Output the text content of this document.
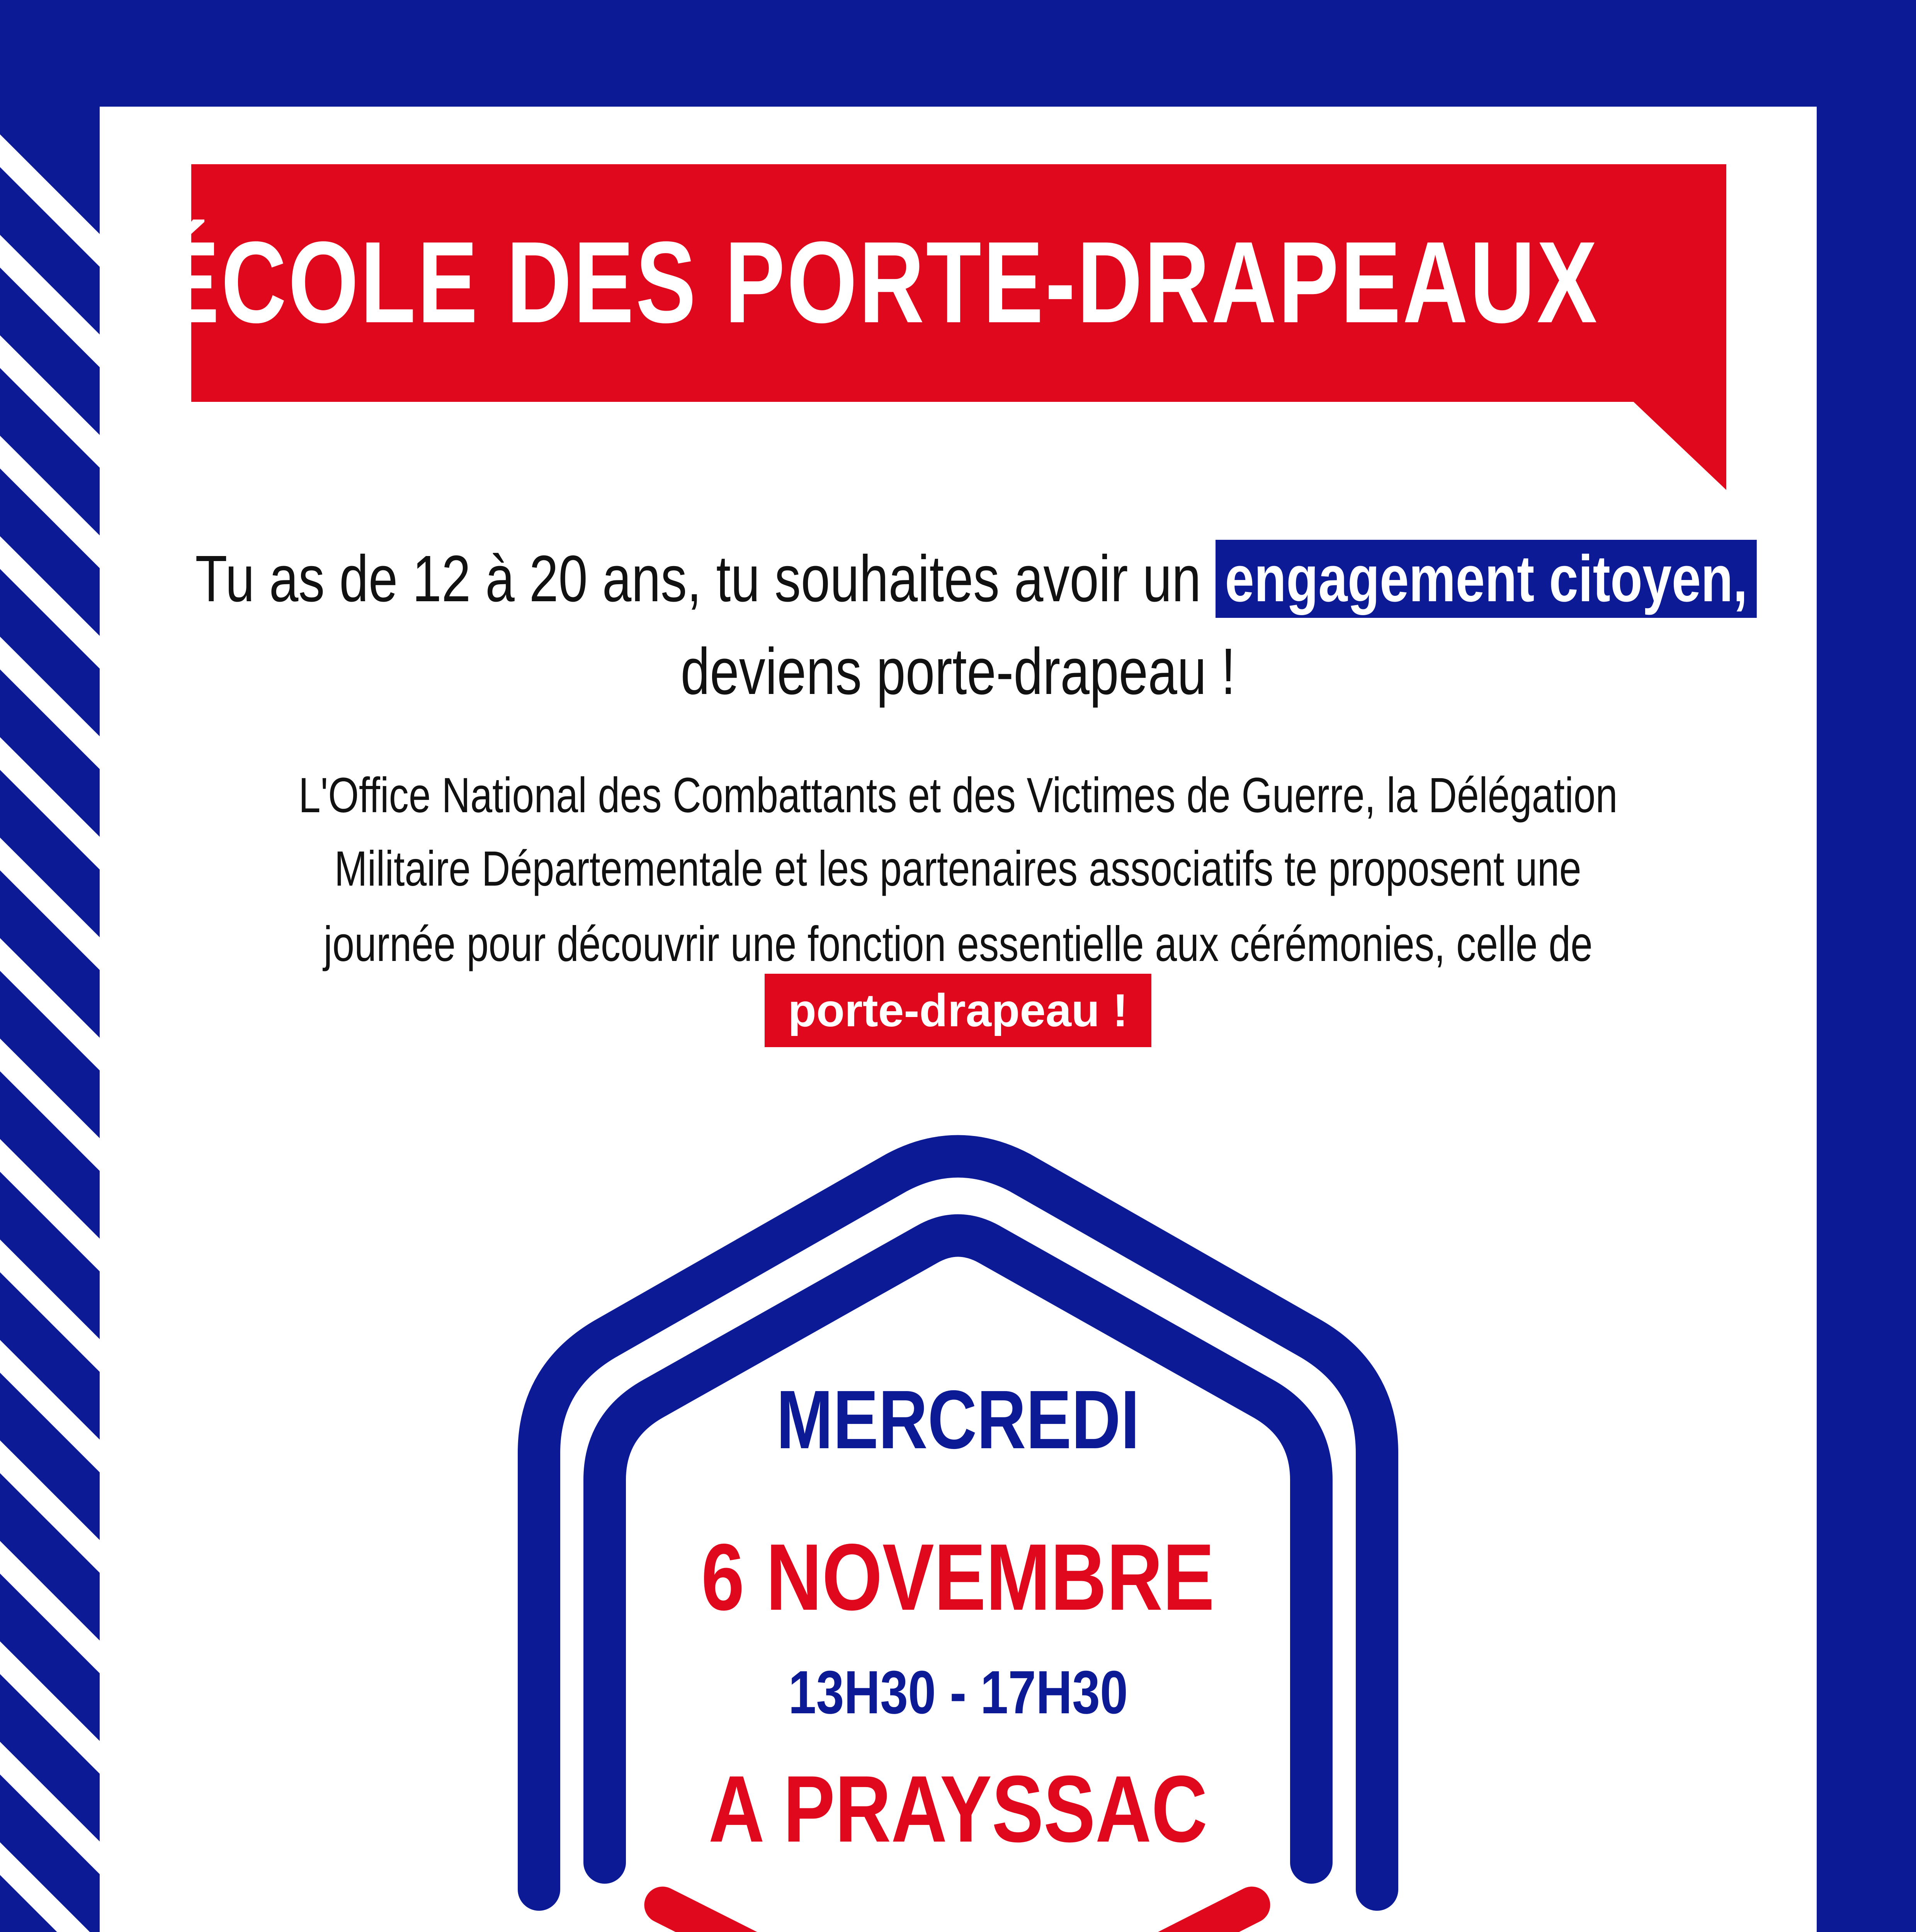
ÉCOLE DES PORTE-DRAPEAUX
Tu as de 12 à 20 ans, tu souhaites avoir un engagement citoyen,
deviens porte-drapeau !
L'Office National des Combattants et des Victimes de Guerre, la Délégation
Militaire Départementale et les partenaires associatifs te proposent une
journée pour découvrir une fonction essentielle aux cérémonies, celle de
porte-drapeau !
MERCREDI
6 NOVEMBRE
13H30 - 17H30
A PRAYSSAC
